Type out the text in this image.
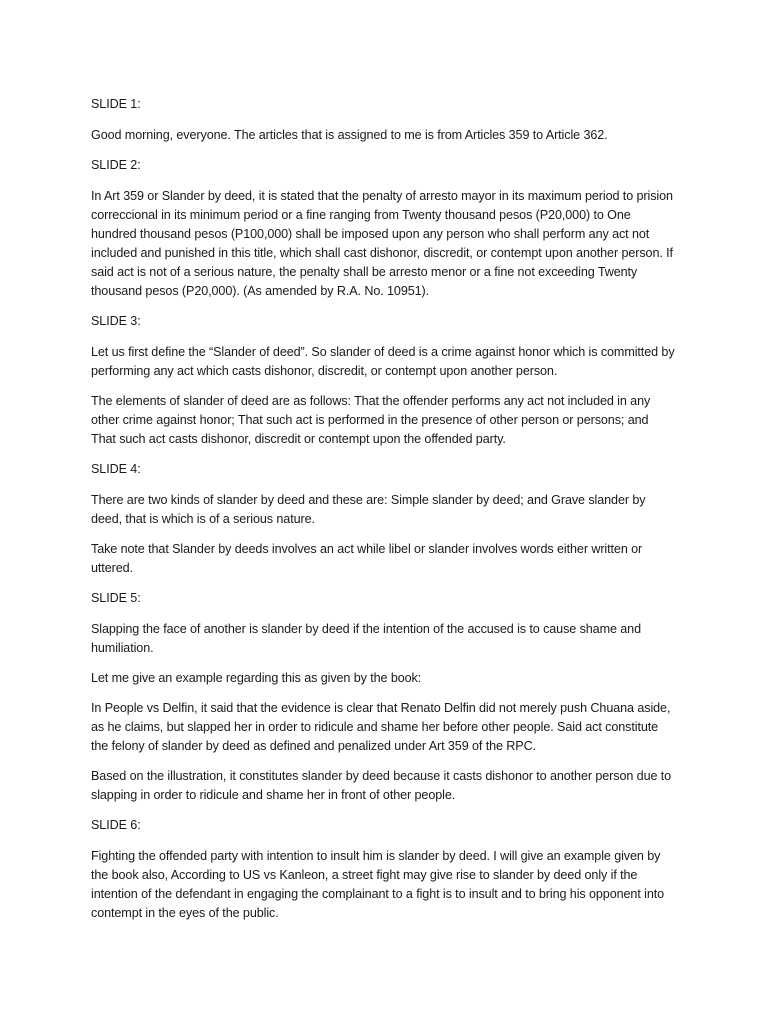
SLIDE 1:

Good morning, everyone. The articles that is assigned to me is from Articles 359 to Article 362.

SLIDE 2:

In Art 359 or Slander by deed, it is stated that the penalty of arresto mayor in its maximum period to prision correccional in its minimum period or a fine ranging from Twenty thousand pesos (P20,000) to One hundred thousand pesos (P100,000) shall be imposed upon any person who shall perform any act not included and punished in this title, which shall cast dishonor, discredit, or contempt upon another person. If said act is not of a serious nature, the penalty shall be arresto menor or a fine not exceeding Twenty thousand pesos (P20,000). (As amended by R.A. No. 10951).

SLIDE 3:

Let us first define the “Slander of deed”. So slander of deed is a crime against honor which is committed by performing any act which casts dishonor, discredit, or contempt upon another person.

The elements of slander of deed are as follows: That the offender performs any act not included in any other crime against honor; That such act is performed in the presence of other person or persons; and That such act casts dishonor, discredit or contempt upon the offended party.

SLIDE 4:

There are two kinds of slander by deed and these are: Simple slander by deed; and Grave slander by deed, that is which is of a serious nature.

Take note that Slander by deeds involves an act while libel or slander involves words either written or uttered.

SLIDE 5:

Slapping the face of another is slander by deed if the intention of the accused is to cause shame and humiliation.

Let me give an example regarding this as given by the book:

In People vs Delfin, it said that the evidence is clear that Renato Delfin did not merely push Chuana aside, as he claims, but slapped her in order to ridicule and shame her before other people. Said act constitute the felony of slander by deed as defined and penalized under Art 359 of the RPC.

Based on the illustration, it constitutes slander by deed because it casts dishonor to another person due to slapping in order to ridicule and shame her in front of other people.

SLIDE 6:

Fighting the offended party with intention to insult him is slander by deed. I will give an example given by the book also, According to US vs Kanleon, a street fight may give rise to slander by deed only if the intention of the defendant in engaging the complainant to a fight is to insult and to bring his opponent into contempt in the eyes of the public.
